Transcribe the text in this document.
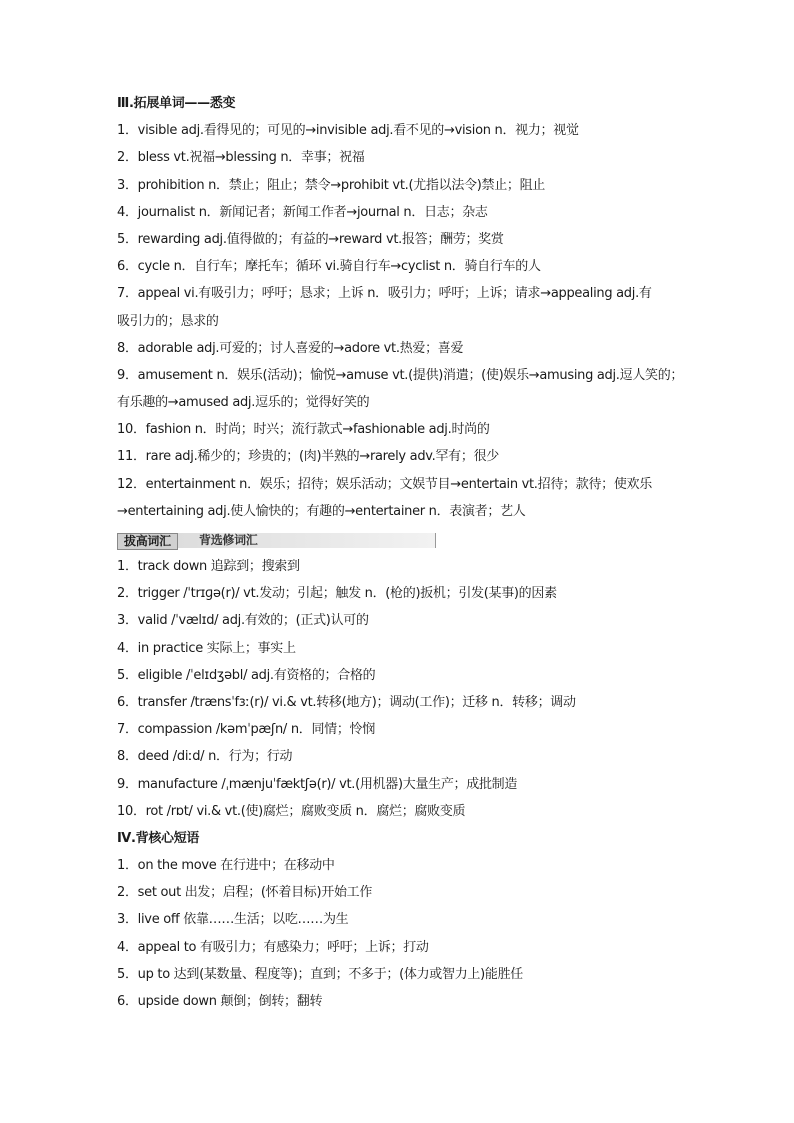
Ⅲ.拓展单词——悉变
1．visible adj.看得见的；可见的→invisible adj.看不见的→vision n．视力；视觉
2．bless vt.祝福→blessing n．幸事；祝福
3．prohibition n．禁止；阻止；禁令→prohibit vt.(尤指以法令)禁止；阻止
4．journalist n．新闻记者；新闻工作者→journal n．日志；杂志
5．rewarding adj.值得做的；有益的→reward vt.报答；酬劳；奖赏
6．cycle n．自行车；摩托车；循环 vi.骑自行车→cyclist n．骑自行车的人
7．appeal vi.有吸引力；呼吁；恳求；上诉 n．吸引力；呼吁；上诉；请求→appealing adj.有
吸引力的；恳求的
8．adorable adj.可爱的；讨人喜爱的→adore vt.热爱；喜爱
9．amusement n．娱乐(活动)；愉悦→amuse vt.(提供)消遣；(使)娱乐→amusing adj.逗人笑的；
有乐趣的→amused adj.逗乐的；觉得好笑的
10．fashion n．时尚；时兴；流行款式→fashionable adj.时尚的
11．rare adj.稀少的；珍贵的；(肉)半熟的→rarely adv.罕有；很少
12．entertainment n．娱乐；招待；娱乐活动；文娱节目→entertain vt.招待；款待；使欢乐
→entertaining adj.使人愉快的；有趣的→entertainer n．表演者；艺人
拔高词汇	背选修词汇
1．track down 追踪到；搜索到
2．trigger /ˈtrɪɡə(r)/ vt.发动；引起；触发 n．(枪的)扳机；引发(某事)的因素
3．valid /ˈvælɪd/ adj.有效的；(正式)认可的
4．in practice 实际上；事实上
5．eligible /ˈelɪdʒəbl/ adj.有资格的；合格的
6．transfer /trænsˈfɜː(r)/ vi.& vt.转移(地方)；调动(工作)；迁移 n．转移；调动
7．compassion /kəmˈpæʃn/ n．同情；怜悯
8．deed /diːd/ n．行为；行动
9．manufacture /ˌmænjuˈfæktʃə(r)/ vt.(用机器)大量生产；成批制造
10．rot /rɒt/ vi.& vt.(使)腐烂；腐败变质 n．腐烂；腐败变质
Ⅳ.背核心短语
1．on the move 在行进中；在移动中
2．set out 出发；启程；(怀着目标)开始工作
3．live off 依靠……生活；以吃……为生
4．appeal to 有吸引力；有感染力；呼吁；上诉；打动
5．up to 达到(某数量、程度等)；直到；不多于；(体力或智力上)能胜任
6．upside down 颠倒；倒转；翻转
